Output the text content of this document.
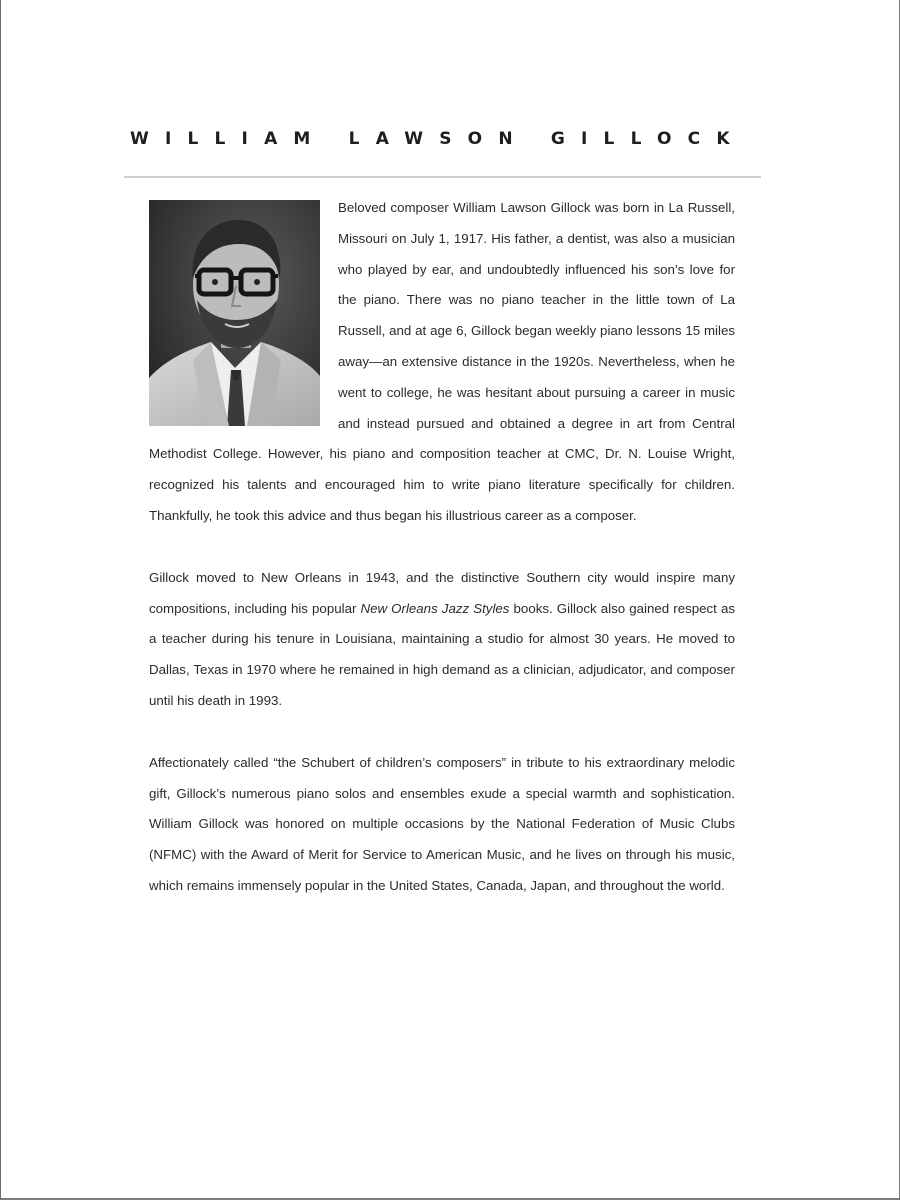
WILLIAM LAWSON GILLOCK

Beloved composer William Lawson Gillock was born in La Russell, Missouri on July 1, 1917. His father, a dentist, was also a musician who played by ear, and undoubtedly influenced his son’s love for the piano. There was no piano teacher in the little town of La Russell, and at age 6, Gillock began weekly piano lessons 15 miles away—an extensive distance in the 1920s. Nevertheless, when he went to college, he was hesitant about pursuing a career in music and instead pursued and obtained a degree in art from Central Methodist College. However, his piano and composition teacher at CMC, Dr. N. Louise Wright, recognized his talents and encouraged him to write piano literature specifically for children. Thankfully, he took this advice and thus began his illustrious career as a composer.

Gillock moved to New Orleans in 1943, and the distinctive Southern city would inspire many compositions, including his popular New Orleans Jazz Styles books. Gillock also gained respect as a teacher during his tenure in Louisiana, maintaining a studio for almost 30 years. He moved to Dallas, Texas in 1970 where he remained in high demand as a clinician, adjudicator, and composer until his death in 1993.

Affectionately called “the Schubert of children’s composers” in tribute to his extraordinary melodic gift, Gillock’s numerous piano solos and ensembles exude a special warmth and sophistication. William Gillock was honored on multiple occasions by the National Federation of Music Clubs (NFMC) with the Award of Merit for Service to American Music, and he lives on through his music, which remains immensely popular in the United States, Canada, Japan, and throughout the world.
